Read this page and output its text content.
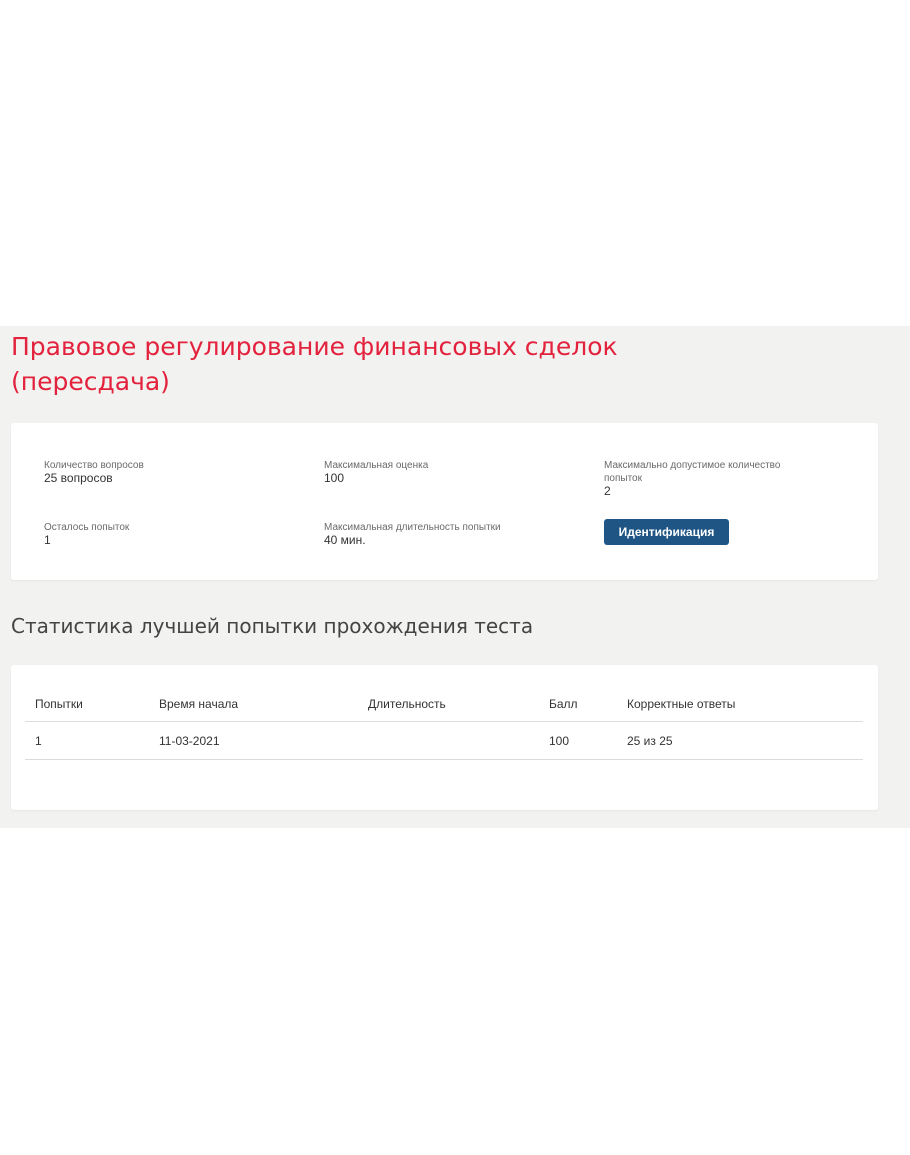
Правовое регулирование финансовых сделок (пересдача)
Количество вопросов
25 вопросов
Максимальная оценка
100
Максимально допустимое количество попыток
2
Осталось попыток
1
Максимальная длительность попытки
40 мин.
Идентификация
Статистика лучшей попытки прохождения теста
Попытки	Время начала	Длительность	Балл	Корректные ответы
1	11-03-2021		100	25 из 25
